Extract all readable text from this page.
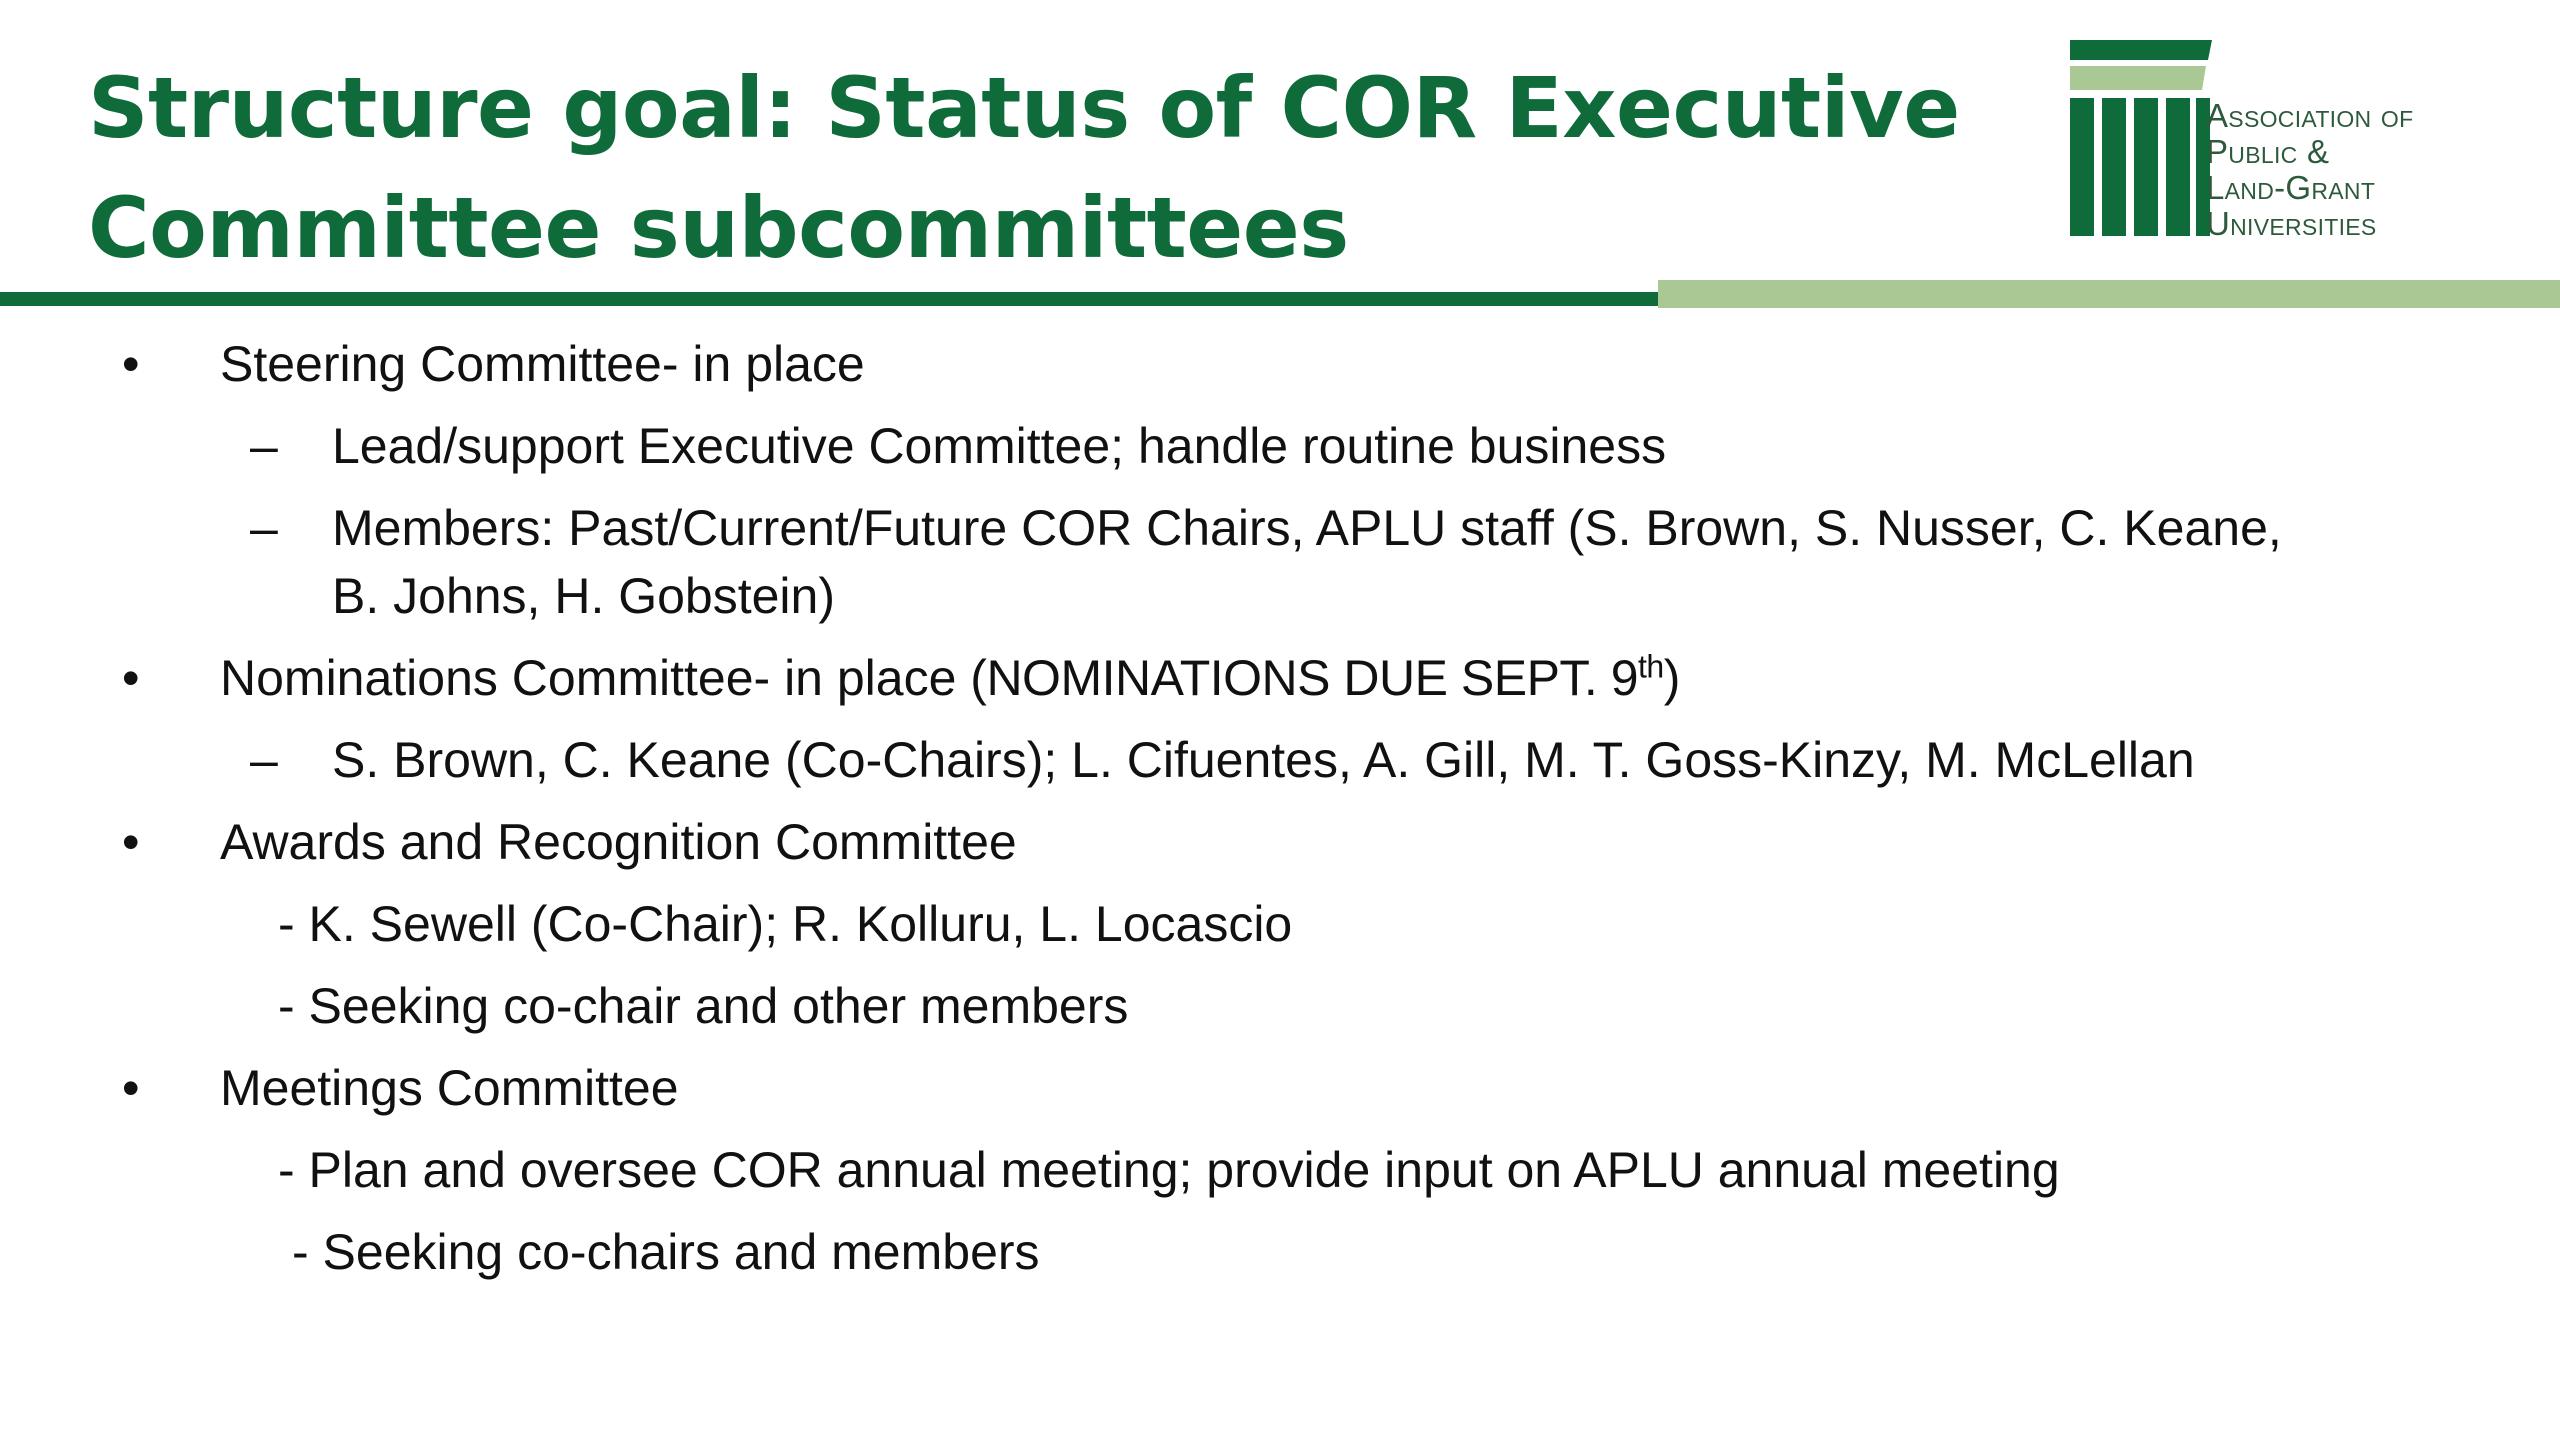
Structure goal: Status of COR Executive
Committee subcommittees
Association of
Public &
Land-Grant
Universities
• Steering Committee- in place
– Lead/support Executive Committee; handle routine business
– Members: Past/Current/Future COR Chairs, APLU staff (S. Brown, S. Nusser, C. Keane,
B. Johns, H. Gobstein)
• Nominations Committee- in place (NOMINATIONS DUE SEPT. 9th)
– S. Brown, C. Keane (Co-Chairs); L. Cifuentes, A. Gill, M. T. Goss-Kinzy, M. McLellan
• Awards and Recognition Committee
- K. Sewell (Co-Chair); R. Kolluru, L. Locascio
- Seeking co-chair and other members
• Meetings Committee
- Plan and oversee COR annual meeting; provide input on APLU annual meeting
- Seeking co-chairs and members
